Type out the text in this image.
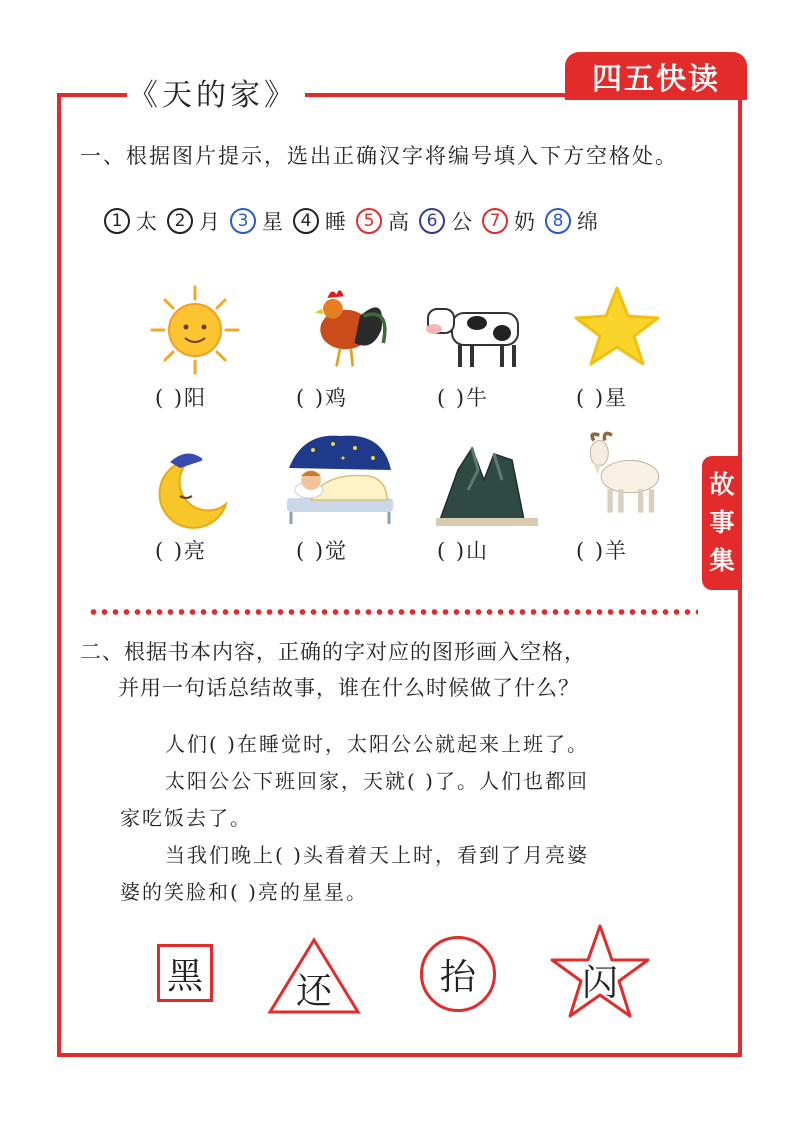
《天的家》	四五快读
故
事
集
一、根据图片提示，选出正确汉字将编号填入下方空格处。
1 太	2 月	3 星	4 睡	5 高	6 公	7 奶	8 绵
( )阳	( )鸡	( )牛	( )星
( )亮	( )觉	( )山	( )羊
二、根据书本内容，正确的字对应的图形画入空格，
并用一句话总结故事，谁在什么时候做了什么？
人们( )在睡觉时，太阳公公就起来上班了。
太阳公公下班回家，天就( )了。人们也都回
家吃饭去了。
当我们晚上( )头看着天上时，看到了月亮婆
婆的笑脸和( )亮的星星。
黑	还	抬	闪
